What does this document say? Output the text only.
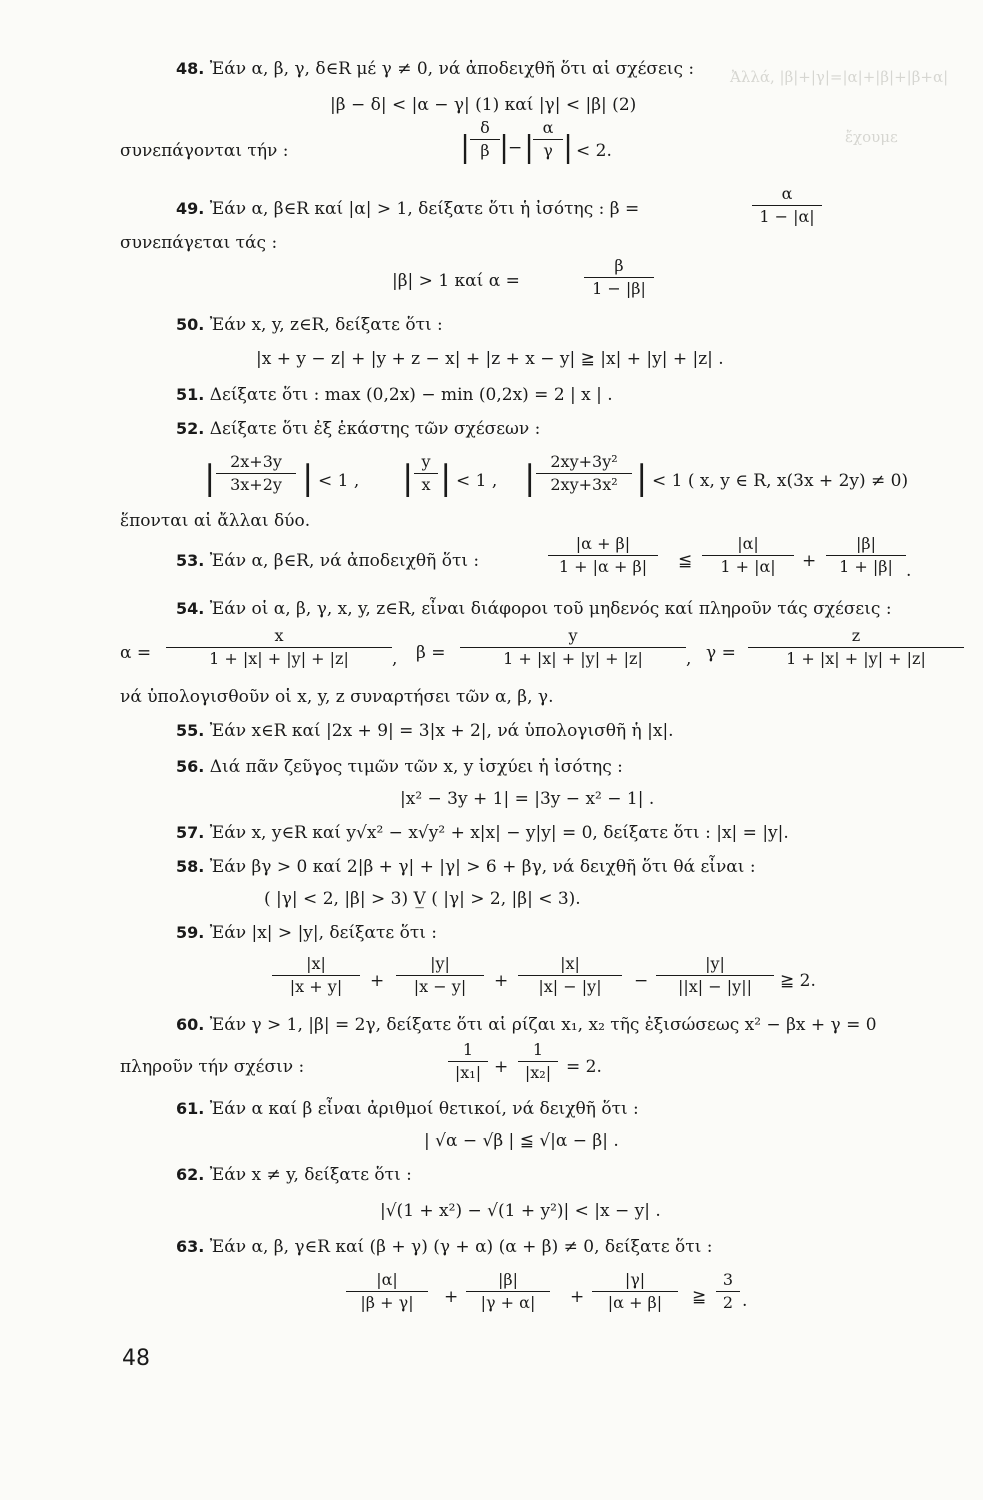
Ἀλλά, |β|+|γ|=|α|+|β|+|β+α|
ἔχουμε
48. Ἐάν α, β, γ, δ∈R μέ γ ≠ 0, νά ἀποδειχθῆ ὅτι αἱ σχέσεις :
|β − δ| < |α − γ| (1) καί |γ| < |β| (2)
συνεπάγονται τήν :
δ
β
| |
− |
α
γ | < 2.
49. Ἐάν α, β∈R καί |α| > 1, δείξατε ὅτι ἡ ἰσότης : β =
α
1 − |α|
συνεπάγεται τάς :
|β| > 1 καί α =
β
1 − |β|
50. Ἐάν x, y, z∈R, δείξατε ὅτι :
|x + y − z| + |y + z − x| + |z + x − y| ≧ |x| + |y| + |z| .
51. Δείξατε ὅτι : max (0,2x) − min (0,2x) = 2 | x | .
52. Δείξατε ὅτι ἐξ ἑκάστης τῶν σχέσεων :
| 2x+3y
3x+2y | < 1 , | y
x | < 1 , | 2xy+3y²
2xy+3x² | < 1 ( x, y ∈ R, x(3x + 2y) ≠ 0)
ἕπονται αἱ ἄλλαι δύο.
53. Ἐάν α, β∈R, νά ἀποδειχθῆ ὅτι :
|α + β|
1 + |α + β|	≦
|α|
1 + |α|	+
|β|
1 + |β| .
54. Ἐάν οἱ α, β, γ, x, y, z∈R, εἶναι διάφοροι τοῦ μηδενός καί πληροῦν τάς σχέσεις :
α =
x
1 + |x| + |y| + |z|	, β =
y
1 + |x| + |y| + |z|	, γ =
z
1 + |x| + |y| + |z|
νά ὑπολογισθοῦν οἱ x, y, z συναρτήσει τῶν α, β, γ.
55. Ἐάν x∈R καί |2x + 9| = 3|x + 2|, νά ὑπολογισθῆ ἡ |x|.
56. Διά πᾶν ζεῦγος τιμῶν τῶν x, y ἰσχύει ἡ ἰσότης :
|x² − 3y + 1| = |3y − x² − 1| .
57. Ἐάν x, y∈R καί y√x² − x√y² + x|x| − y|y| = 0, δείξατε ὅτι : |x| = |y|.
58. Ἐάν βγ > 0 καί 2|β + γ| + |γ| > 6 + βγ, νά δειχθῆ ὅτι θά εἶναι :
( |γ| < 2, |β| > 3) V̲ ( |γ| > 2, |β| < 3).
59. Ἐάν |x| > |y|, δείξατε ὅτι :
|x|
|x + y|	+
|y|
|x − y|	+
|x|
|x| − |y|	−
|y|
||x| − |y||	≧ 2.
60. Ἐάν γ > 1, |β| = 2γ, δείξατε ὅτι αἱ ρίζαι x₁, x₂ τῆς ἐξισώσεως x² − βx + γ = 0
πληροῦν τήν σχέσιν :
1
|x₁| +
1
|x₂| = 2.
61. Ἐάν α καί β εἶναι ἀριθμοί θετικοί, νά δειχθῆ ὅτι :
| √α − √β | ≦ √|α − β| .
62. Ἐάν x ≠ y, δείξατε ὅτι :
|√(1 + x²) − √(1 + y²)| < |x − y| .
63. Ἐάν α, β, γ∈R καί (β + γ) (γ + α) (α + β) ≠ 0, δείξατε ὅτι :
|α|
|β + γ|	+
|β|
|γ + α|	+
|γ|
|α + β|	≧
3
2 .
48
